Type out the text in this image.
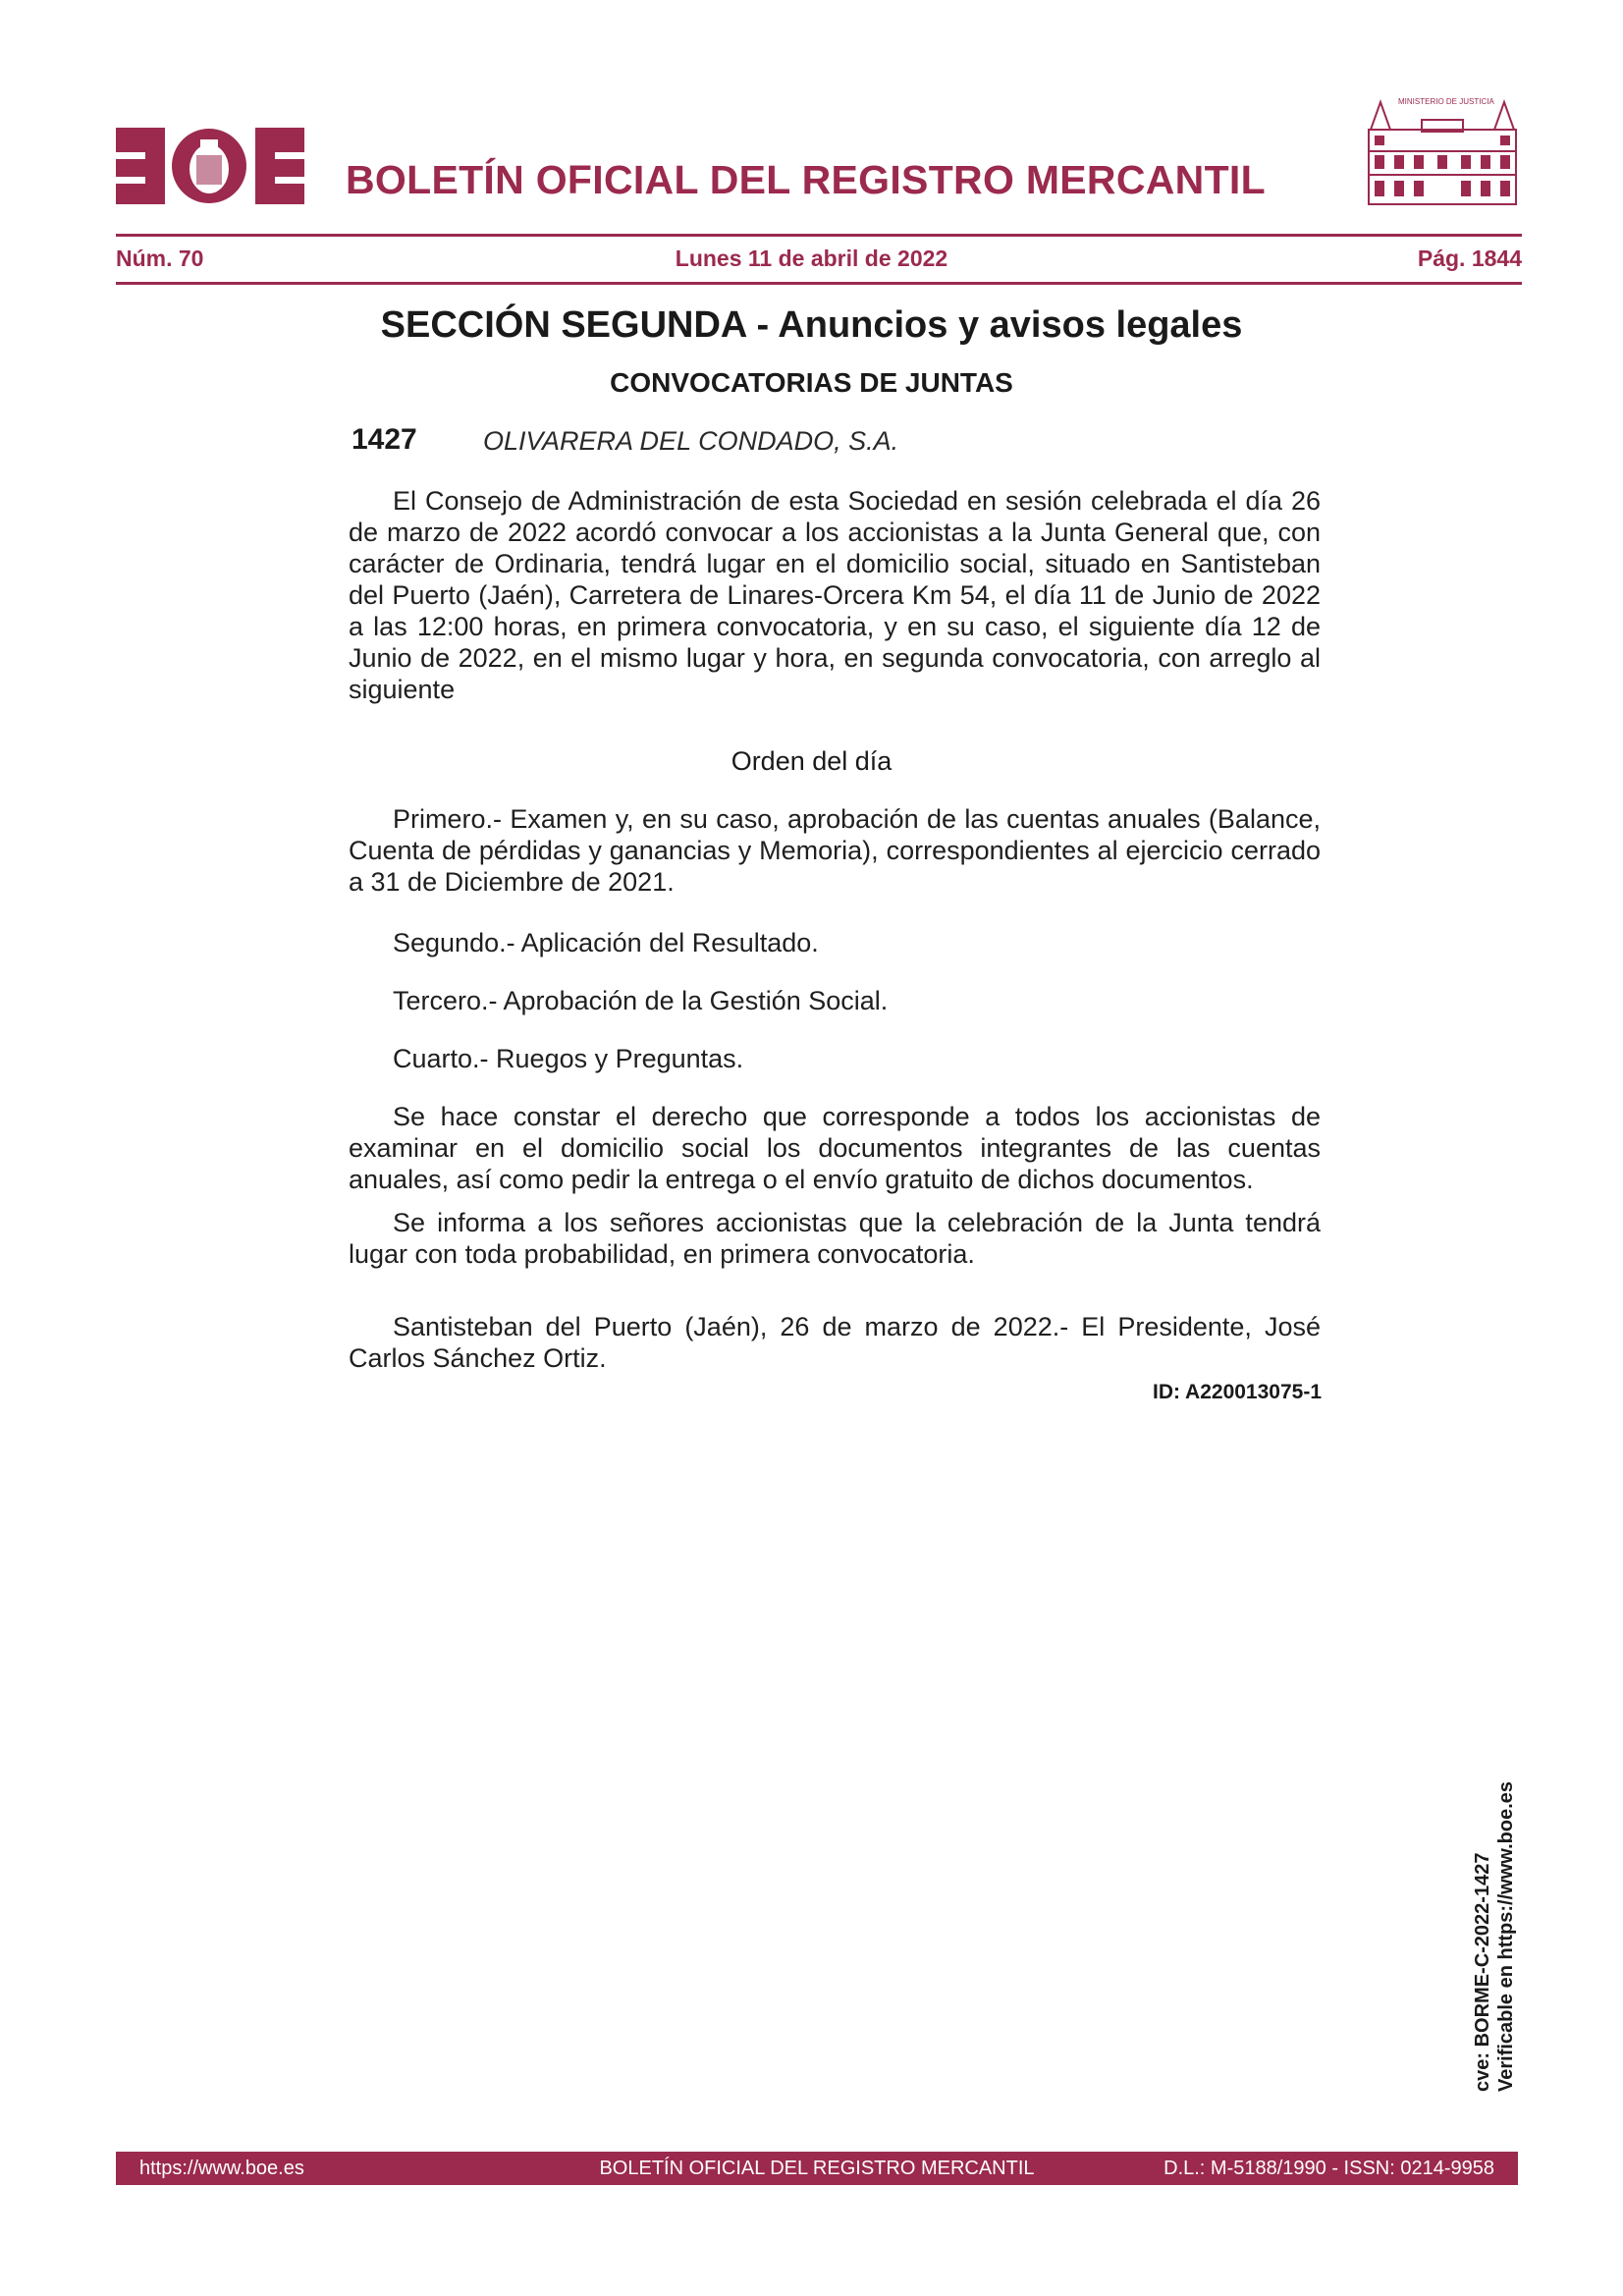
BOLETÍN OFICIAL DEL REGISTRO MERCANTIL
MINISTERIO DE JUSTICIA
Núm. 70	Lunes 11 de abril de 2022	Pág. 1844
SECCIÓN SEGUNDA - Anuncios y avisos legales
CONVOCATORIAS DE JUNTAS
1427 OLIVARERA DEL CONDADO, S.A.
El Consejo de Administración de esta Sociedad en sesión celebrada el día 26 de marzo de 2022 acordó convocar a los accionistas a la Junta General que, con carácter de Ordinaria, tendrá lugar en el domicilio social, situado en Santisteban del Puerto (Jaén), Carretera de Linares-Orcera Km 54, el día 11 de Junio de 2022 a las 12:00 horas, en primera convocatoria, y en su caso, el siguiente día 12 de Junio de 2022, en el mismo lugar y hora, en segunda convocatoria, con arreglo al siguiente
Orden del día
Primero.- Examen y, en su caso, aprobación de las cuentas anuales (Balance, Cuenta de pérdidas y ganancias y Memoria), correspondientes al ejercicio cerrado a 31 de Diciembre de 2021.
Segundo.- Aplicación del Resultado.
Tercero.- Aprobación de la Gestión Social.
Cuarto.- Ruegos y Preguntas.
Se hace constar el derecho que corresponde a todos los accionistas de examinar en el domicilio social los documentos integrantes de las cuentas anuales, así como pedir la entrega o el envío gratuito de dichos documentos.
Se informa a los señores accionistas que la celebración de la Junta tendrá lugar con toda probabilidad, en primera convocatoria.
Santisteban del Puerto (Jaén), 26 de marzo de 2022.- El Presidente, José Carlos Sánchez Ortiz.
ID: A220013075-1
cve: BORME-C-2022-1427 Verificable en https://www.boe.es
https://www.boe.es	BOLETÍN OFICIAL DEL REGISTRO MERCANTIL	D.L.: M-5188/1990 - ISSN: 0214-9958
